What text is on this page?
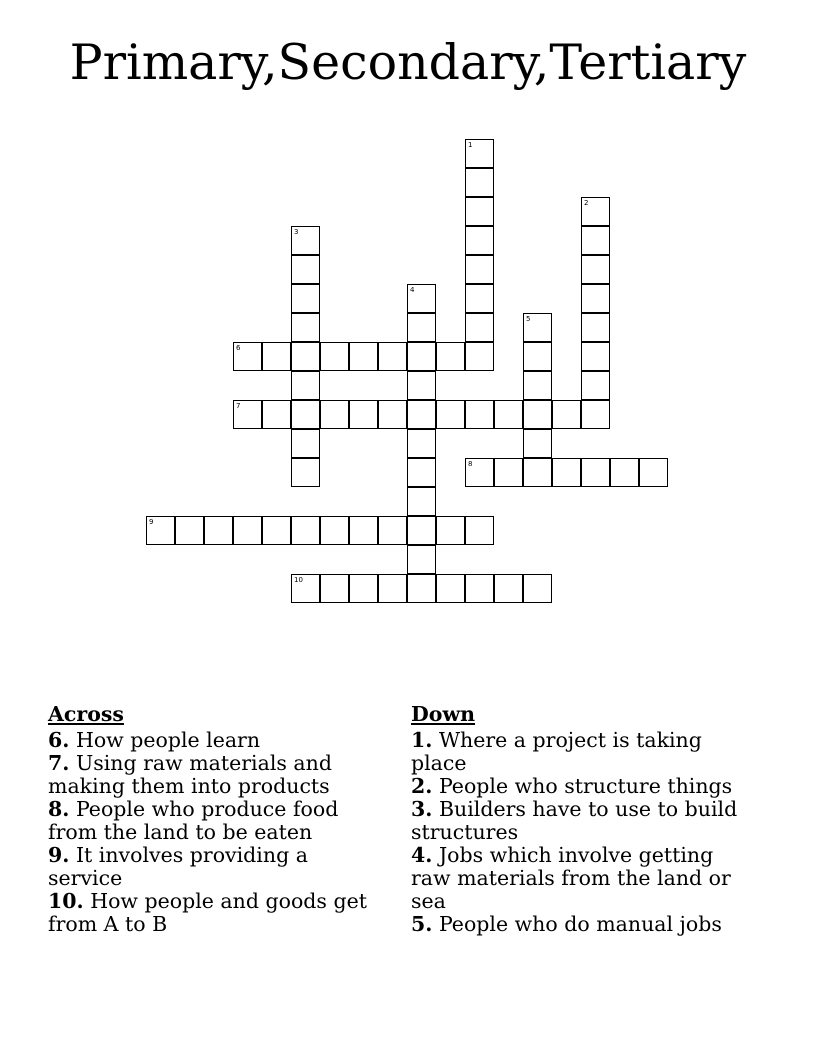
Primary,Secondary,Tertiary
1
2
3
4
5
6
7
8
9
10
Across
6. How people learn
7. Using raw materials and making them into products
8. People who produce food from the land to be eaten
9. It involves providing a service
10. How people and goods get from A to B
Down
1. Where a project is taking place
2. People who structure things
3. Builders have to use to build structures
4. Jobs which involve getting raw materials from the land or sea
5. People who do manual jobs
